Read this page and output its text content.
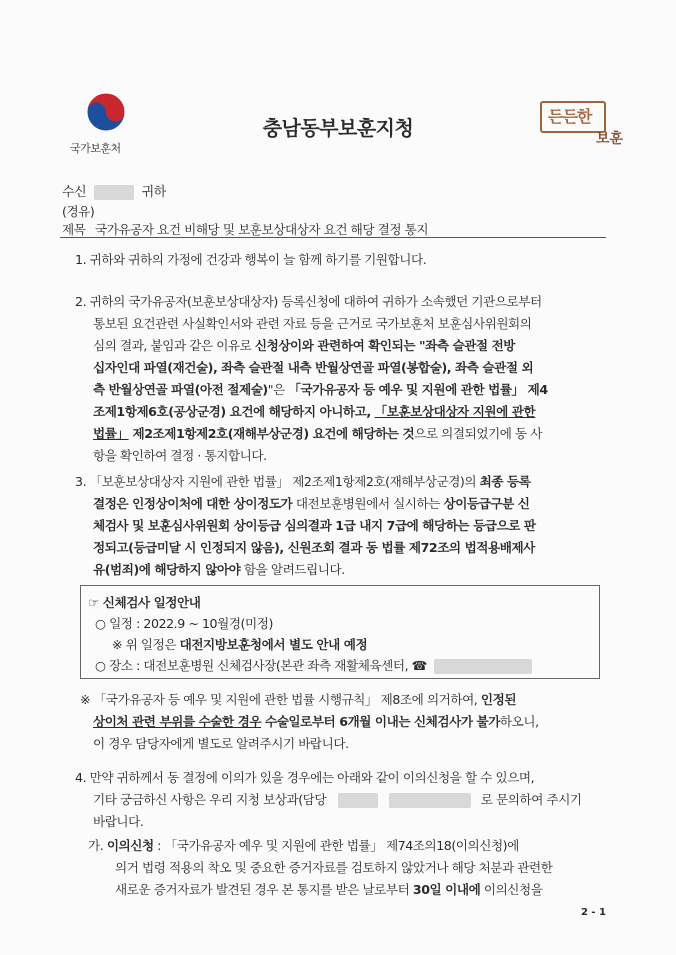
국가보훈처
충남동부보훈지청	든든한
보훈
수신	귀하
(경유)
제목 국가유공자 요건 비해당 및 보훈보상대상자 요건 해당 결정 통지
1. 귀하와 귀하의 가정에 건강과 행복이 늘 함께 하기를 기원합니다.
2. 귀하의 국가유공자(보훈보상대상자) 등록신청에 대하여 귀하가 소속했던 기관으로부터
통보된 요건관련 사실확인서와 관련 자료 등을 근거로 국가보훈처 보훈심사위원회의
심의 결과, 붙임과 같은 이유로 신청상이와 관련하여 확인되는 "좌측 슬관절 전방
십자인대 파열(재건술), 좌측 슬관절 내측 반월상연골 파열(봉합술), 좌측 슬관절 외
측 반월상연골 파열(아전 절제술)"은 「국가유공자 등 예우 및 지원에 관한 법률」 제4
조제1항제6호(공상군경) 요건에 해당하지 아니하고, 「보훈보상대상자 지원에 관한
법률」 제2조제1항제2호(재해부상군경) 요건에 해당하는 것으로 의결되었기에 동 사
항을 확인하여 결정 · 통지합니다.
3. 「보훈보상대상자 지원에 관한 법률」 제2조제1항제2호(재해부상군경)의 최종 등록
결정은 인정상이처에 대한 상이정도가 대전보훈병원에서 실시하는 상이등급구분 신
체검사 및 보훈심사위원회 상이등급 심의결과 1급 내지 7급에 해당하는 등급으로 판
정되고(등급미달 시 인정되지 않음), 신원조회 결과 동 법률 제72조의 법적용배제사
유(범죄)에 해당하지 않아야 함을 알려드립니다.
☞ 신체검사 일정안내
○ 일정 : 2022.9 ~ 10월경(미정)
※ 위 일정은 대전지방보훈청에서 별도 안내 예정
○ 장소 : 대전보훈병원 신체검사장(본관 좌측 재활체육센터, ☎
※ 「국가유공자 등 예우 및 지원에 관한 법률 시행규칙」 제8조에 의거하여, 인정된
상이처 관련 부위를 수술한 경우 수술일로부터 6개월 이내는 신체검사가 불가하오니,
이 경우 담당자에게 별도로 알려주시기 바랍니다.
4. 만약 귀하께서 동 결정에 이의가 있을 경우에는 아래와 같이 이의신청을 할 수 있으며,
기타 궁금하신 사항은 우리 지청 보상과(담당	로 문의하여 주시기
바랍니다.
가. 이의신청 : 「국가유공자 예우 및 지원에 관한 법률」 제74조의18(이의신청)에
의거 법령 적용의 착오 및 중요한 증거자료를 검토하지 않았거나 해당 처분과 관련한
새로운 증거자료가 발견된 경우 본 통지를 받은 날로부터 30일 이내에 이의신청을
2 - 1
